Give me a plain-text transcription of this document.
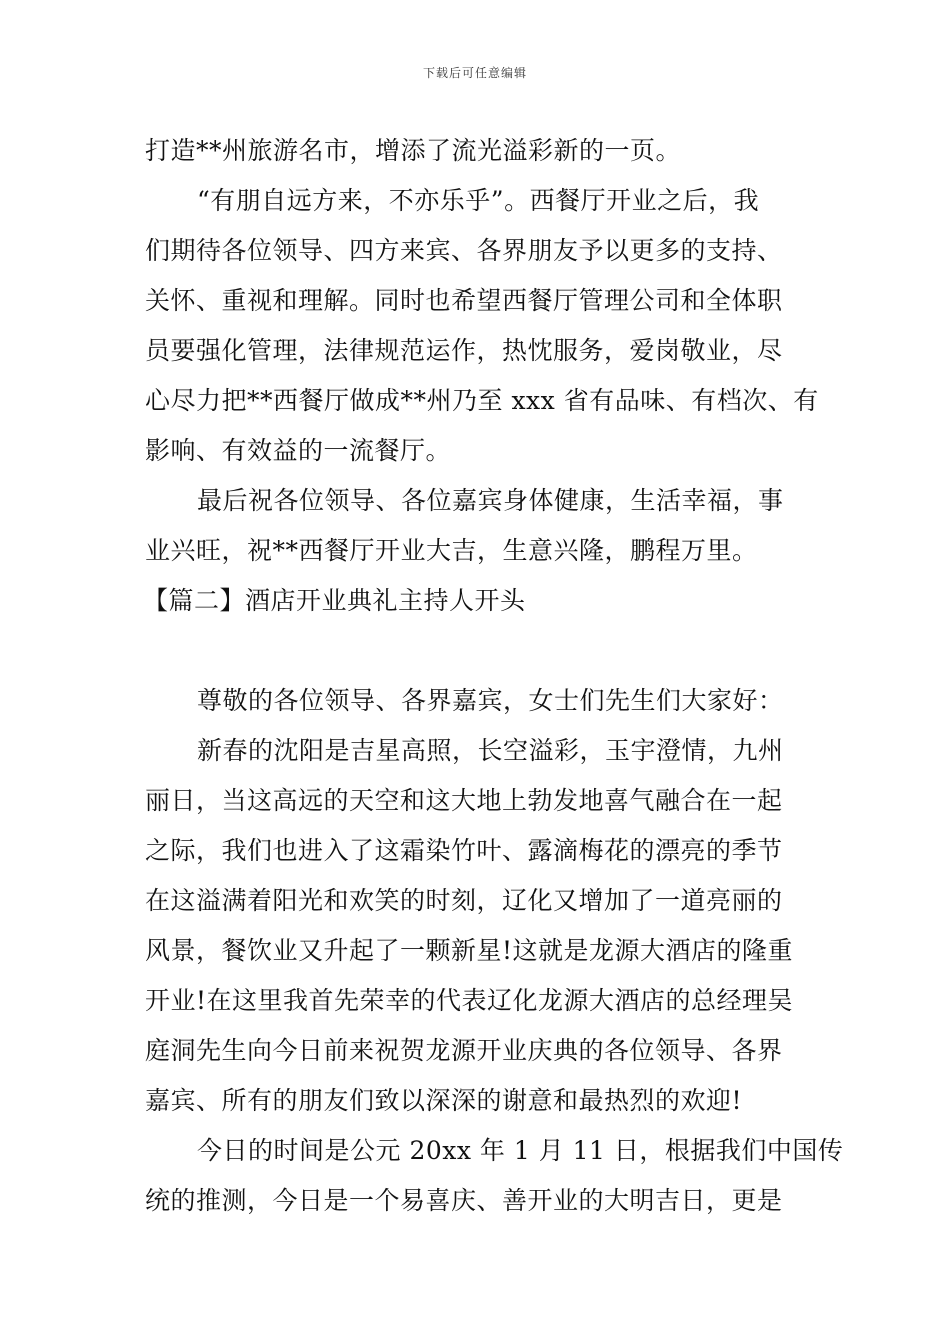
下载后可任意编辑
打造**州旅游名市，增添了流光溢彩新的一页。
“有朋自远方来，不亦乐乎”。西餐厅开业之后，我
们期待各位领导、四方来宾、各界朋友予以更多的支持、
关怀、重视和理解。同时也希望西餐厅管理公司和全体职
员要强化管理，法律规范运作，热忱服务，爱岗敬业，尽
心尽力把**西餐厅做成**州乃至 xxx 省有品味、有档次、有
影响、有效益的一流餐厅。
最后祝各位领导、各位嘉宾身体健康，生活幸福，事
业兴旺，祝**西餐厅开业大吉，生意兴隆，鹏程万里。
【篇二】酒店开业典礼主持人开头
尊敬的各位领导、各界嘉宾，女士们先生们大家好：
新春的沈阳是吉星高照，长空溢彩，玉宇澄情，九州
丽日，当这高远的天空和这大地上勃发地喜气融合在一起
之际，我们也进入了这霜染竹叶、露滴梅花的漂亮的季节
在这溢满着阳光和欢笑的时刻，辽化又增加了一道亮丽的
风景，餐饮业又升起了一颗新星!这就是龙源大酒店的隆重
开业!在这里我首先荣幸的代表辽化龙源大酒店的总经理吴
庭洞先生向今日前来祝贺龙源开业庆典的各位领导、各界
嘉宾、所有的朋友们致以深深的谢意和最热烈的欢迎!
今日的时间是公元 20xx 年 1 月 11 日，根据我们中国传
统的推测，今日是一个易喜庆、善开业的大明吉日，更是
